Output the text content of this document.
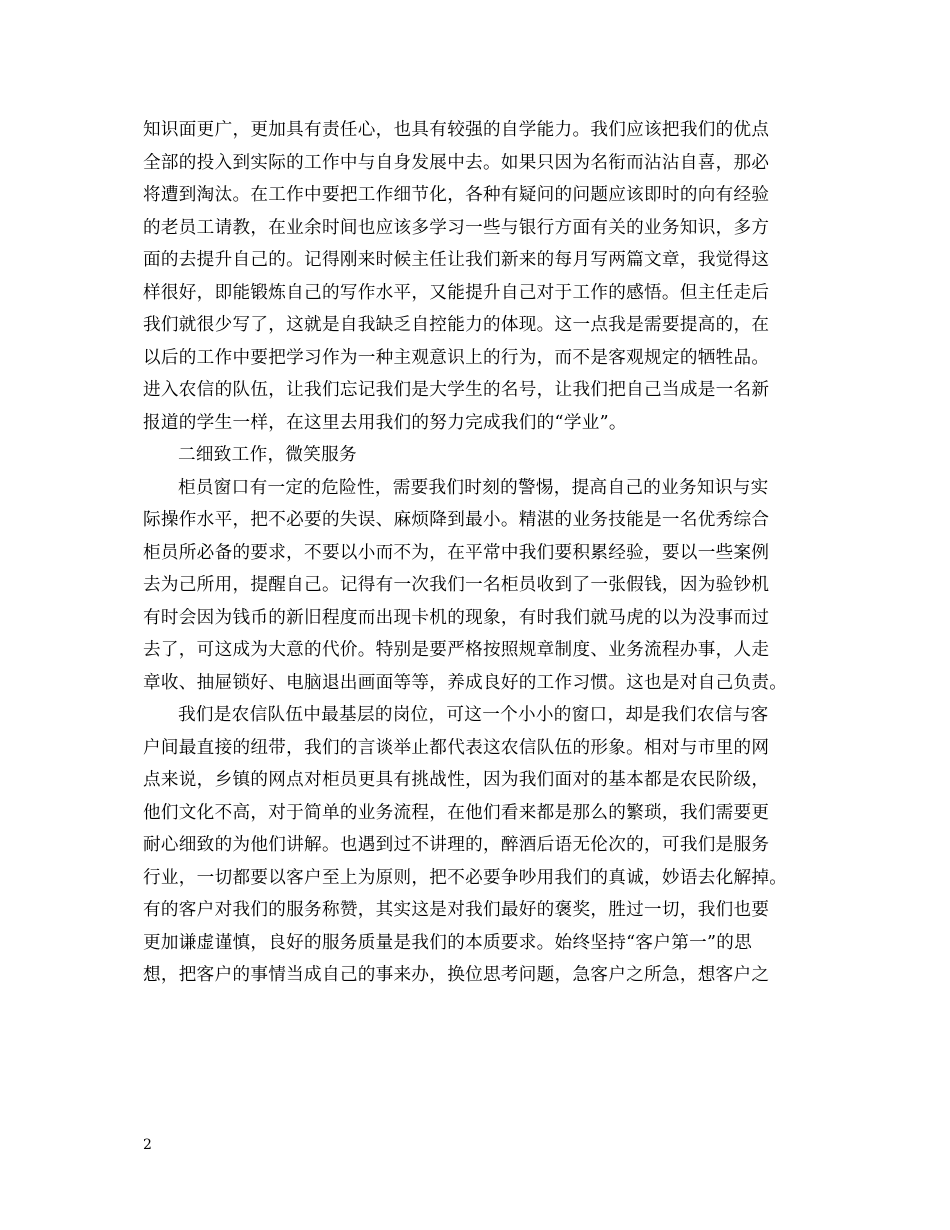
知识面更广，更加具有责任心，也具有较强的自学能力。我们应该把我们的优点
全部的投入到实际的工作中与自身发展中去。如果只因为名衔而沾沾自喜，那必
将遭到淘汰。在工作中要把工作细节化，各种有疑问的问题应该即时的向有经验
的老员工请教，在业余时间也应该多学习一些与银行方面有关的业务知识，多方
面的去提升自己的。记得刚来时候主任让我们新来的每月写两篇文章，我觉得这
样很好，即能锻炼自己的写作水平，又能提升自己对于工作的感悟。但主任走后
我们就很少写了，这就是自我缺乏自控能力的体现。这一点我是需要提高的，在
以后的工作中要把学习作为一种主观意识上的行为，而不是客观规定的牺牲品。
进入农信的队伍，让我们忘记我们是大学生的名号，让我们把自己当成是一名新
报道的学生一样，在这里去用我们的努力完成我们的“学业”。
二细致工作，微笑服务
柜员窗口有一定的危险性，需要我们时刻的警惕，提高自己的业务知识与实
际操作水平，把不必要的失误、麻烦降到最小。精湛的业务技能是一名优秀综合
柜员所必备的要求，不要以小而不为，在平常中我们要积累经验，要以一些案例
去为己所用，提醒自己。记得有一次我们一名柜员收到了一张假钱，因为验钞机
有时会因为钱币的新旧程度而出现卡机的现象，有时我们就马虎的以为没事而过
去了，可这成为大意的代价。特别是要严格按照规章制度、业务流程办事，人走
章收、抽屉锁好、电脑退出画面等等，养成良好的工作习惯。这也是对自己负责。
我们是农信队伍中最基层的岗位，可这一个小小的窗口，却是我们农信与客
户间最直接的纽带，我们的言谈举止都代表这农信队伍的形象。相对与市里的网
点来说，乡镇的网点对柜员更具有挑战性，因为我们面对的基本都是农民阶级，
他们文化不高，对于简单的业务流程，在他们看来都是那么的繁琐，我们需要更
耐心细致的为他们讲解。也遇到过不讲理的，醉酒后语无伦次的，可我们是服务
行业，一切都要以客户至上为原则，把不必要争吵用我们的真诚，妙语去化解掉。
有的客户对我们的服务称赞，其实这是对我们最好的褒奖，胜过一切，我们也要
更加谦虚谨慎，良好的服务质量是我们的本质要求。始终坚持“客户第一”的思
想，把客户的事情当成自己的事来办，换位思考问题，急客户之所急，想客户之
2
